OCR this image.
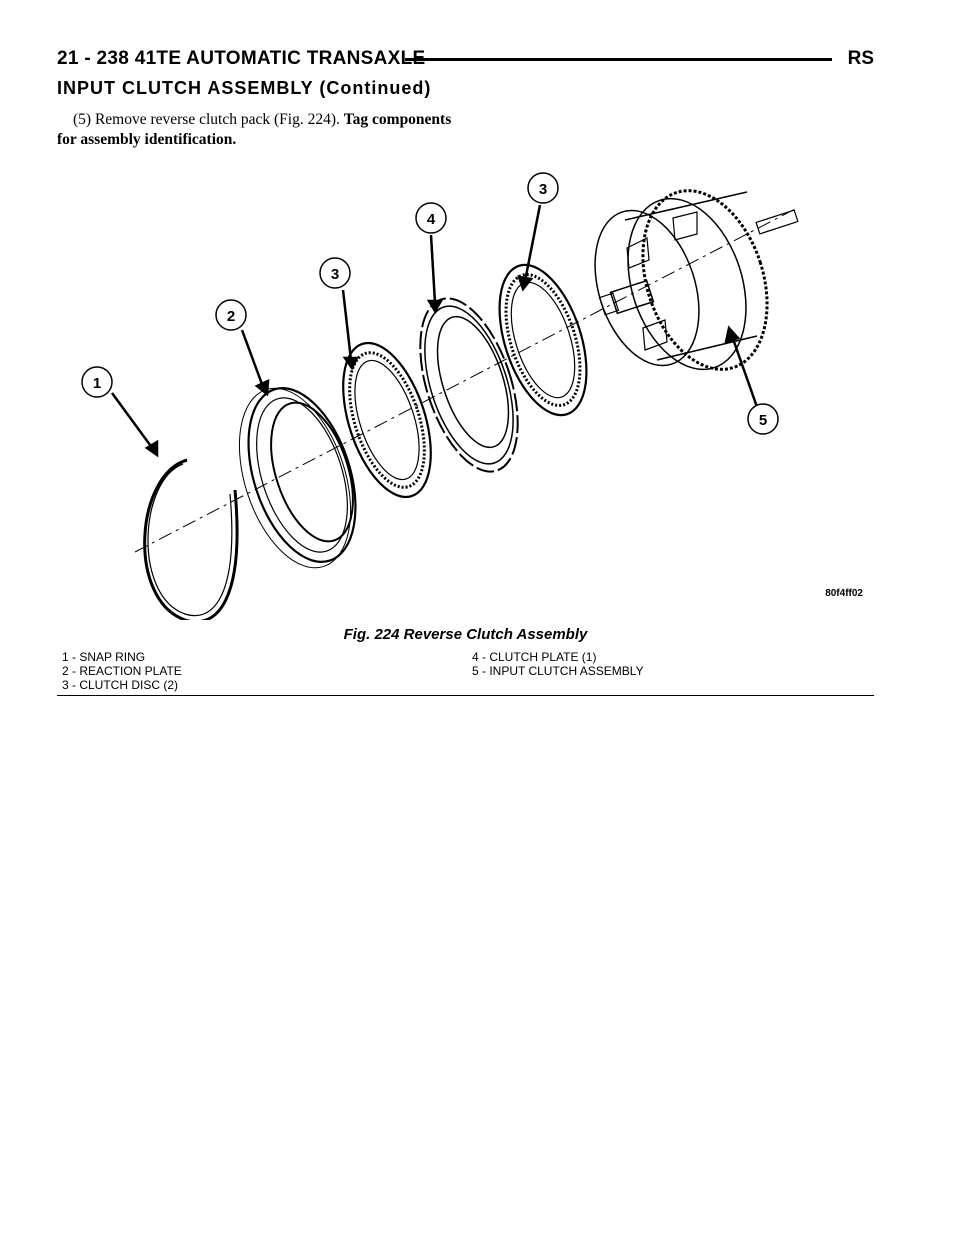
21 - 238 41TE AUTOMATIC TRANSAXLE	RS
INPUT CLUTCH ASSEMBLY (Continued)
(5) Remove reverse clutch pack (Fig. 224). Tag components for assembly identification.
1
2
3
4
3
5
80f4ff02
Fig. 224 Reverse Clutch Assembly
1 - SNAP RING
2 - REACTION PLATE
3 - CLUTCH DISC (2)
4 - CLUTCH PLATE (1)
5 - INPUT CLUTCH ASSEMBLY
